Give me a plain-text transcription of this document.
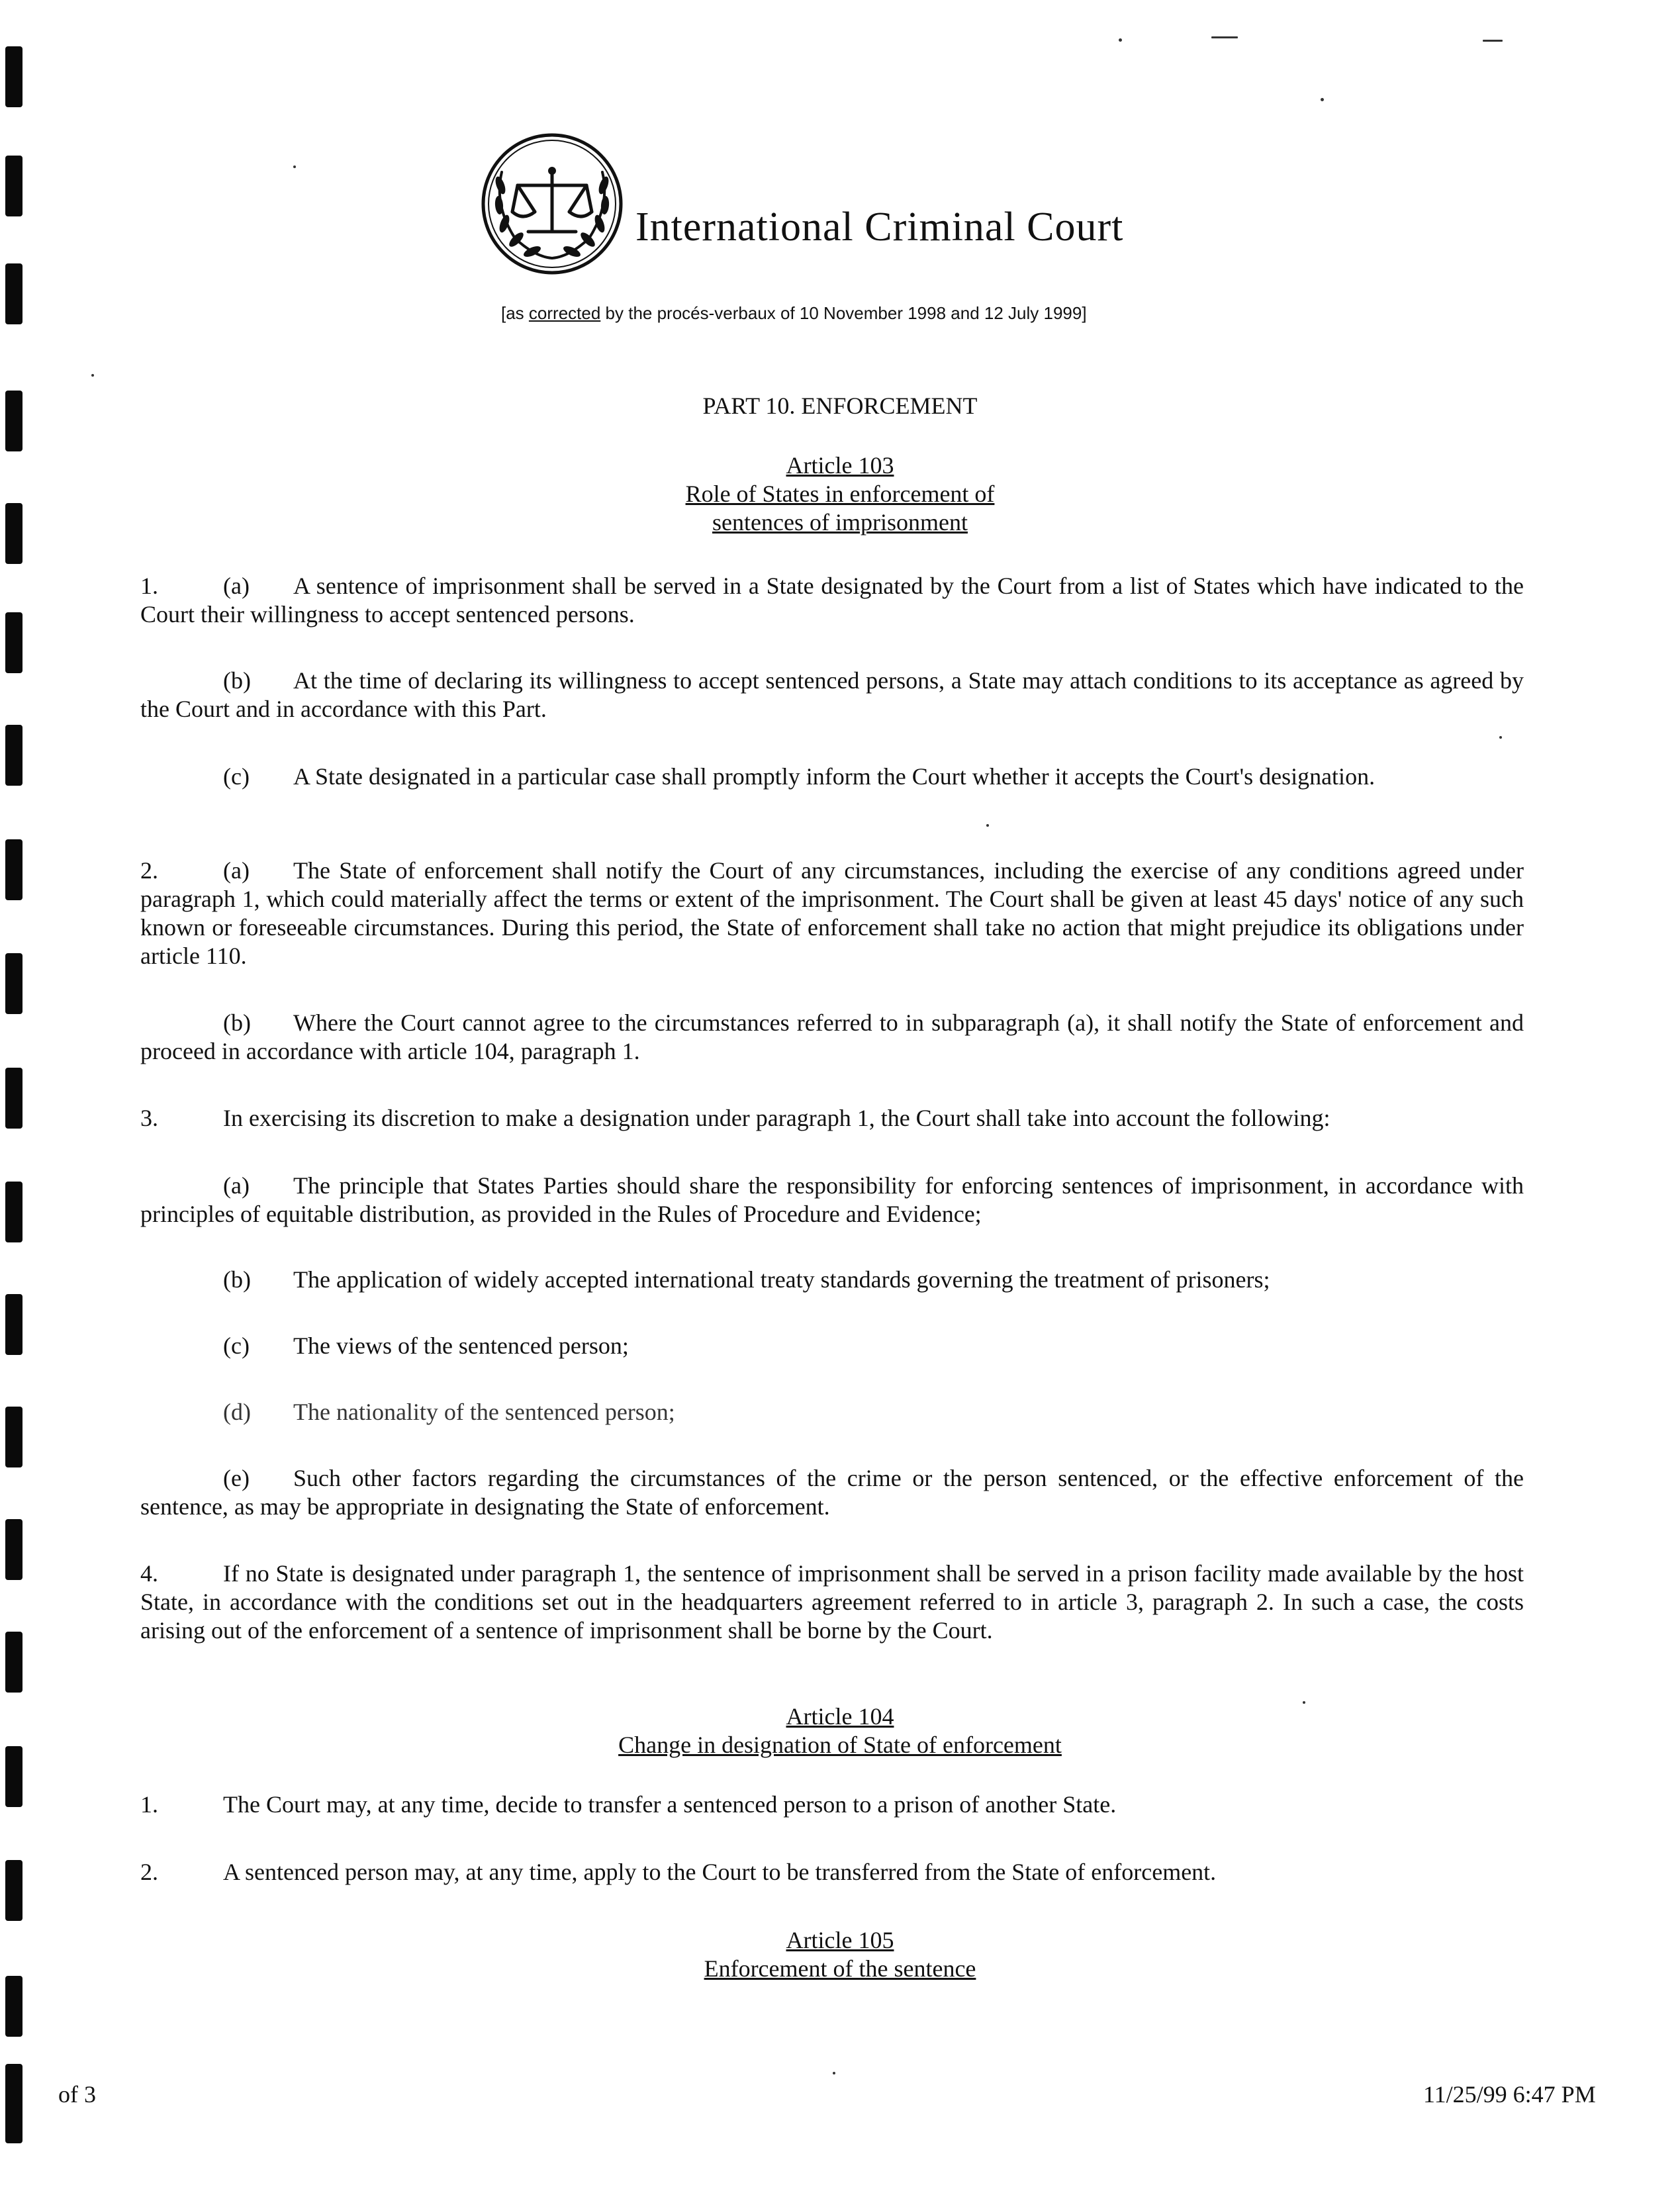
International Criminal Court
[as corrected by the procés-verbaux of 10 November 1998 and 12 July 1999]
PART 10. ENFORCEMENT
Article 103
Role of States in enforcement of
sentences of imprisonment
1.	(a) A sentence of imprisonment shall be served in a State designated by the Court from a list of States which have indicated to the Court their willingness to accept sentenced persons.
(b) At the time of declaring its willingness to accept sentenced persons, a State may attach conditions to its acceptance as agreed by the Court and in accordance with this Part.
(c) A State designated in a particular case shall promptly inform the Court whether it accepts the Court's designation.
2.	(a) The State of enforcement shall notify the Court of any circumstances, including the exercise of any conditions agreed under paragraph 1, which could materially affect the terms or extent of the imprisonment. The Court shall be given at least 45 days' notice of any such known or foreseeable circumstances. During this period, the State of enforcement shall take no action that might prejudice its obligations under article 110.
(b) Where the Court cannot agree to the circumstances referred to in subparagraph (a), it shall notify the State of enforcement and proceed in accordance with article 104, paragraph 1.
3.	In exercising its discretion to make a designation under paragraph 1, the Court shall take into account the following:
(a) The principle that States Parties should share the responsibility for enforcing sentences of imprisonment, in accordance with principles of equitable distribution, as provided in the Rules of Procedure and Evidence;
(b) The application of widely accepted international treaty standards governing the treatment of prisoners;
(c) The views of the sentenced person;
(d) The nationality of the sentenced person;
(e) Such other factors regarding the circumstances of the crime or the person sentenced, or the effective enforcement of the sentence, as may be appropriate in designating the State of enforcement.
4.	If no State is designated under paragraph 1, the sentence of imprisonment shall be served in a prison facility made available by the host State, in accordance with the conditions set out in the headquarters agreement referred to in article 3, paragraph 2. In such a case, the costs arising out of the enforcement of a sentence of imprisonment shall be borne by the Court.
Article 104
Change in designation of State of enforcement
1.	The Court may, at any time, decide to transfer a sentenced person to a prison of another State.
2.	A sentenced person may, at any time, apply to the Court to be transferred from the State of enforcement.
Article 105
Enforcement of the sentence
of 3	11/25/99 6:47 PM
